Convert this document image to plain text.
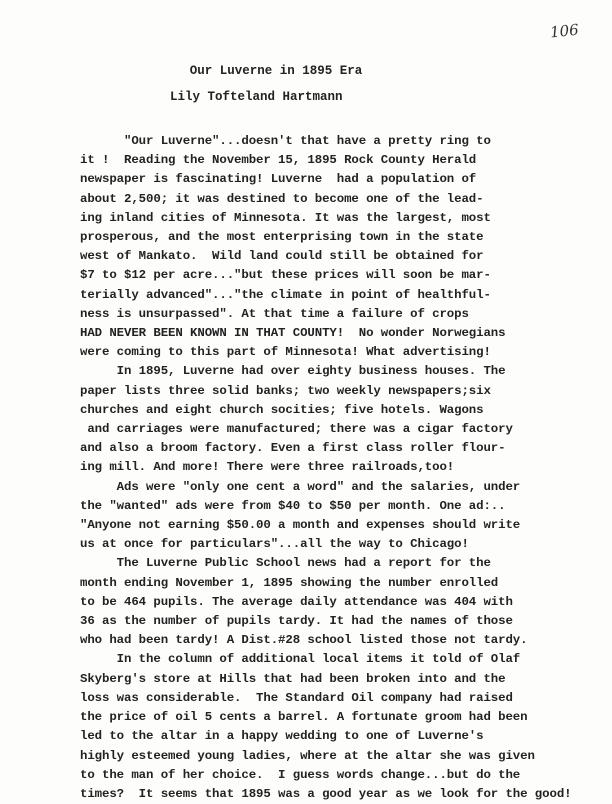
106
Our Luverne in 1895 Era
Lily Tofteland Hartmann
"Our Luverne"...doesn't that have a pretty ring to
it !  Reading the November 15, 1895 Rock County Herald
newspaper is fascinating! Luverne  had a population of
about 2,500; it was destined to become one of the lead-
ing inland cities of Minnesota. It was the largest, most
prosperous, and the most enterprising town in the state
west of Mankato.  Wild land could still be obtained for
$7 to $12 per acre..."but these prices will soon be mar-
terially advanced"..."the climate in point of healthful-
ness is unsurpassed". At that time a failure of crops
HAD NEVER BEEN KNOWN IN THAT COUNTY!  No wonder Norwegians
were coming to this part of Minnesota! What advertising!
In 1895, Luverne had over eighty business houses. The
paper lists three solid banks; two weekly newspapers;six
churches and eight church socities; five hotels. Wagons
and carriages were manufactured; there was a cigar factory
and also a broom factory. Even a first class roller flour-
ing mill. And more! There were three railroads,too!
Ads were "only one cent a word" and the salaries, under
the "wanted" ads were from $40 to $50 per month. One ad:..
"Anyone not earning $50.00 a month and expenses should write
us at once for particulars"...all the way to Chicago!
The Luverne Public School news had a report for the
month ending November 1, 1895 showing the number enrolled
to be 464 pupils. The average daily attendance was 404 with
36 as the number of pupils tardy. It had the names of those
who had been tardy! A Dist.#28 school listed those not tardy.
In the column of additional local items it told of Olaf
Skyberg's store at Hills that had been broken into and the
loss was considerable.  The Standard Oil company had raised
the price of oil 5 cents a barrel. A fortunate groom had been
led to the altar in a happy wedding to one of Luverne's
highly esteemed young ladies, where at the altar she was given
to the man of her choice.  I guess words change...but do the
times?  It seems that 1895 was a good year as we look for the good!
